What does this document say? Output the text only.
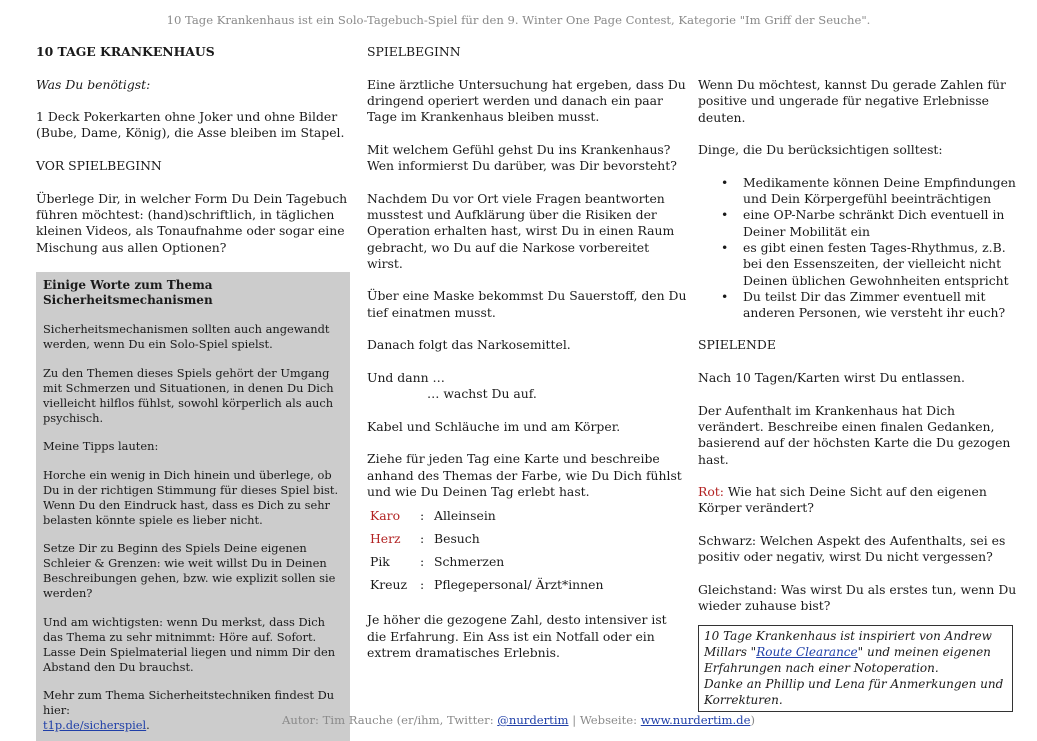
10 Tage Krankenhaus ist ein Solo-Tagebuch-Spiel für den 9. Winter One Page Contest, Kategorie "Im Griff der Seuche".

10 TAGE KRANKENHAUS

Was Du benötigst:

1 Deck Pokerkarten ohne Joker und ohne Bilder (Bube, Dame, König), die Asse bleiben im Stapel.

VOR SPIELBEGINN

Überlege Dir, in welcher Form Du Dein Tagebuch führen möchtest: (hand)schriftlich, in täglichen kleinen Videos, als Tonaufnahme oder sogar eine Mischung aus allen Optionen?

Einige Worte zum Thema Sicherheitsmechanismen

Sicherheitsmechanismen sollten auch angewandt werden, wenn Du ein Solo-Spiel spielst.

Zu den Themen dieses Spiels gehört der Umgang mit Schmerzen und Situationen, in denen Du Dich vielleicht hilflos fühlst, sowohl körperlich als auch psychisch.

Meine Tipps lauten:

Horche ein wenig in Dich hinein und überlege, ob Du in der richtigen Stimmung für dieses Spiel bist. Wenn Du den Eindruck hast, dass es Dich zu sehr belasten könnte spiele es lieber nicht.

Setze Dir zu Beginn des Spiels Deine eigenen Schleier & Grenzen: wie weit willst Du in Deinen Beschreibungen gehen, bzw. wie explizit sollen sie werden?

Und am wichtigsten: wenn Du merkst, dass Dich das Thema zu sehr mitnimmt: Höre auf. Sofort. Lasse Dein Spielmaterial liegen und nimm Dir den Abstand den Du brauchst.

Mehr zum Thema Sicherheitstechniken findest Du hier:
t1p.de/sicherspiel.

SPIELBEGINN

Eine ärztliche Untersuchung hat ergeben, dass Du dringend operiert werden und danach ein paar Tage im Krankenhaus bleiben musst.

Mit welchem Gefühl gehst Du ins Krankenhaus?
Wen informierst Du darüber, was Dir bevorsteht?

Nachdem Du vor Ort viele Fragen beantworten musstest und Aufklärung über die Risiken der Operation erhalten hast, wirst Du in einen Raum gebracht, wo Du auf die Narkose vorbereitet wirst.

Über eine Maske bekommst Du Sauerstoff, den Du tief einatmen musst.

Danach folgt das Narkosemittel.

Und dann …
… wachst Du auf.

Kabel und Schläuche im und am Körper.

Ziehe für jeden Tag eine Karte und beschreibe anhand des Themas der Farbe, wie Du Dich fühlst und wie Du Deinen Tag erlebt hast.

Karo	:	Alleinsein
Herz	:	Besuch
Pik	:	Schmerzen
Kreuz	:	Pflegepersonal/ Ärzt*innen

Je höher die gezogene Zahl, desto intensiver ist die Erfahrung. Ein Ass ist ein Notfall oder ein extrem dramatisches Erlebnis.

Wenn Du möchtest, kannst Du gerade Zahlen für positive und ungerade für negative Erlebnisse deuten.

Dinge, die Du berücksichtigen solltest:

• Medikamente können Deine Empfindungen und Dein Körpergefühl beeinträchtigen
• eine OP-Narbe schränkt Dich eventuell in Deiner Mobilität ein
• es gibt einen festen Tages-Rhythmus, z.B. bei den Essenszeiten, der vielleicht nicht Deinen üblichen Gewohnheiten entspricht
• Du teilst Dir das Zimmer eventuell mit anderen Personen, wie versteht ihr euch?

SPIELENDE

Nach 10 Tagen/Karten wirst Du entlassen.

Der Aufenthalt im Krankenhaus hat Dich verändert. Beschreibe einen finalen Gedanken, basierend auf der höchsten Karte die Du gezogen hast.

Rot: Wie hat sich Deine Sicht auf den eigenen Körper verändert?

Schwarz: Welchen Aspekt des Aufenthalts, sei es positiv oder negativ, wirst Du nicht vergessen?

Gleichstand: Was wirst Du als erstes tun, wenn Du wieder zuhause bist?

10 Tage Krankenhaus ist inspiriert von Andrew Millars "Route Clearance" und meinen eigenen Erfahrungen nach einer Notoperation.
Danke an Phillip und Lena für Anmerkungen und Korrekturen.
Autor: Tim Rauche (er/ihm, Twitter: @nurdertim | Webseite: www.nurdertim.de)
